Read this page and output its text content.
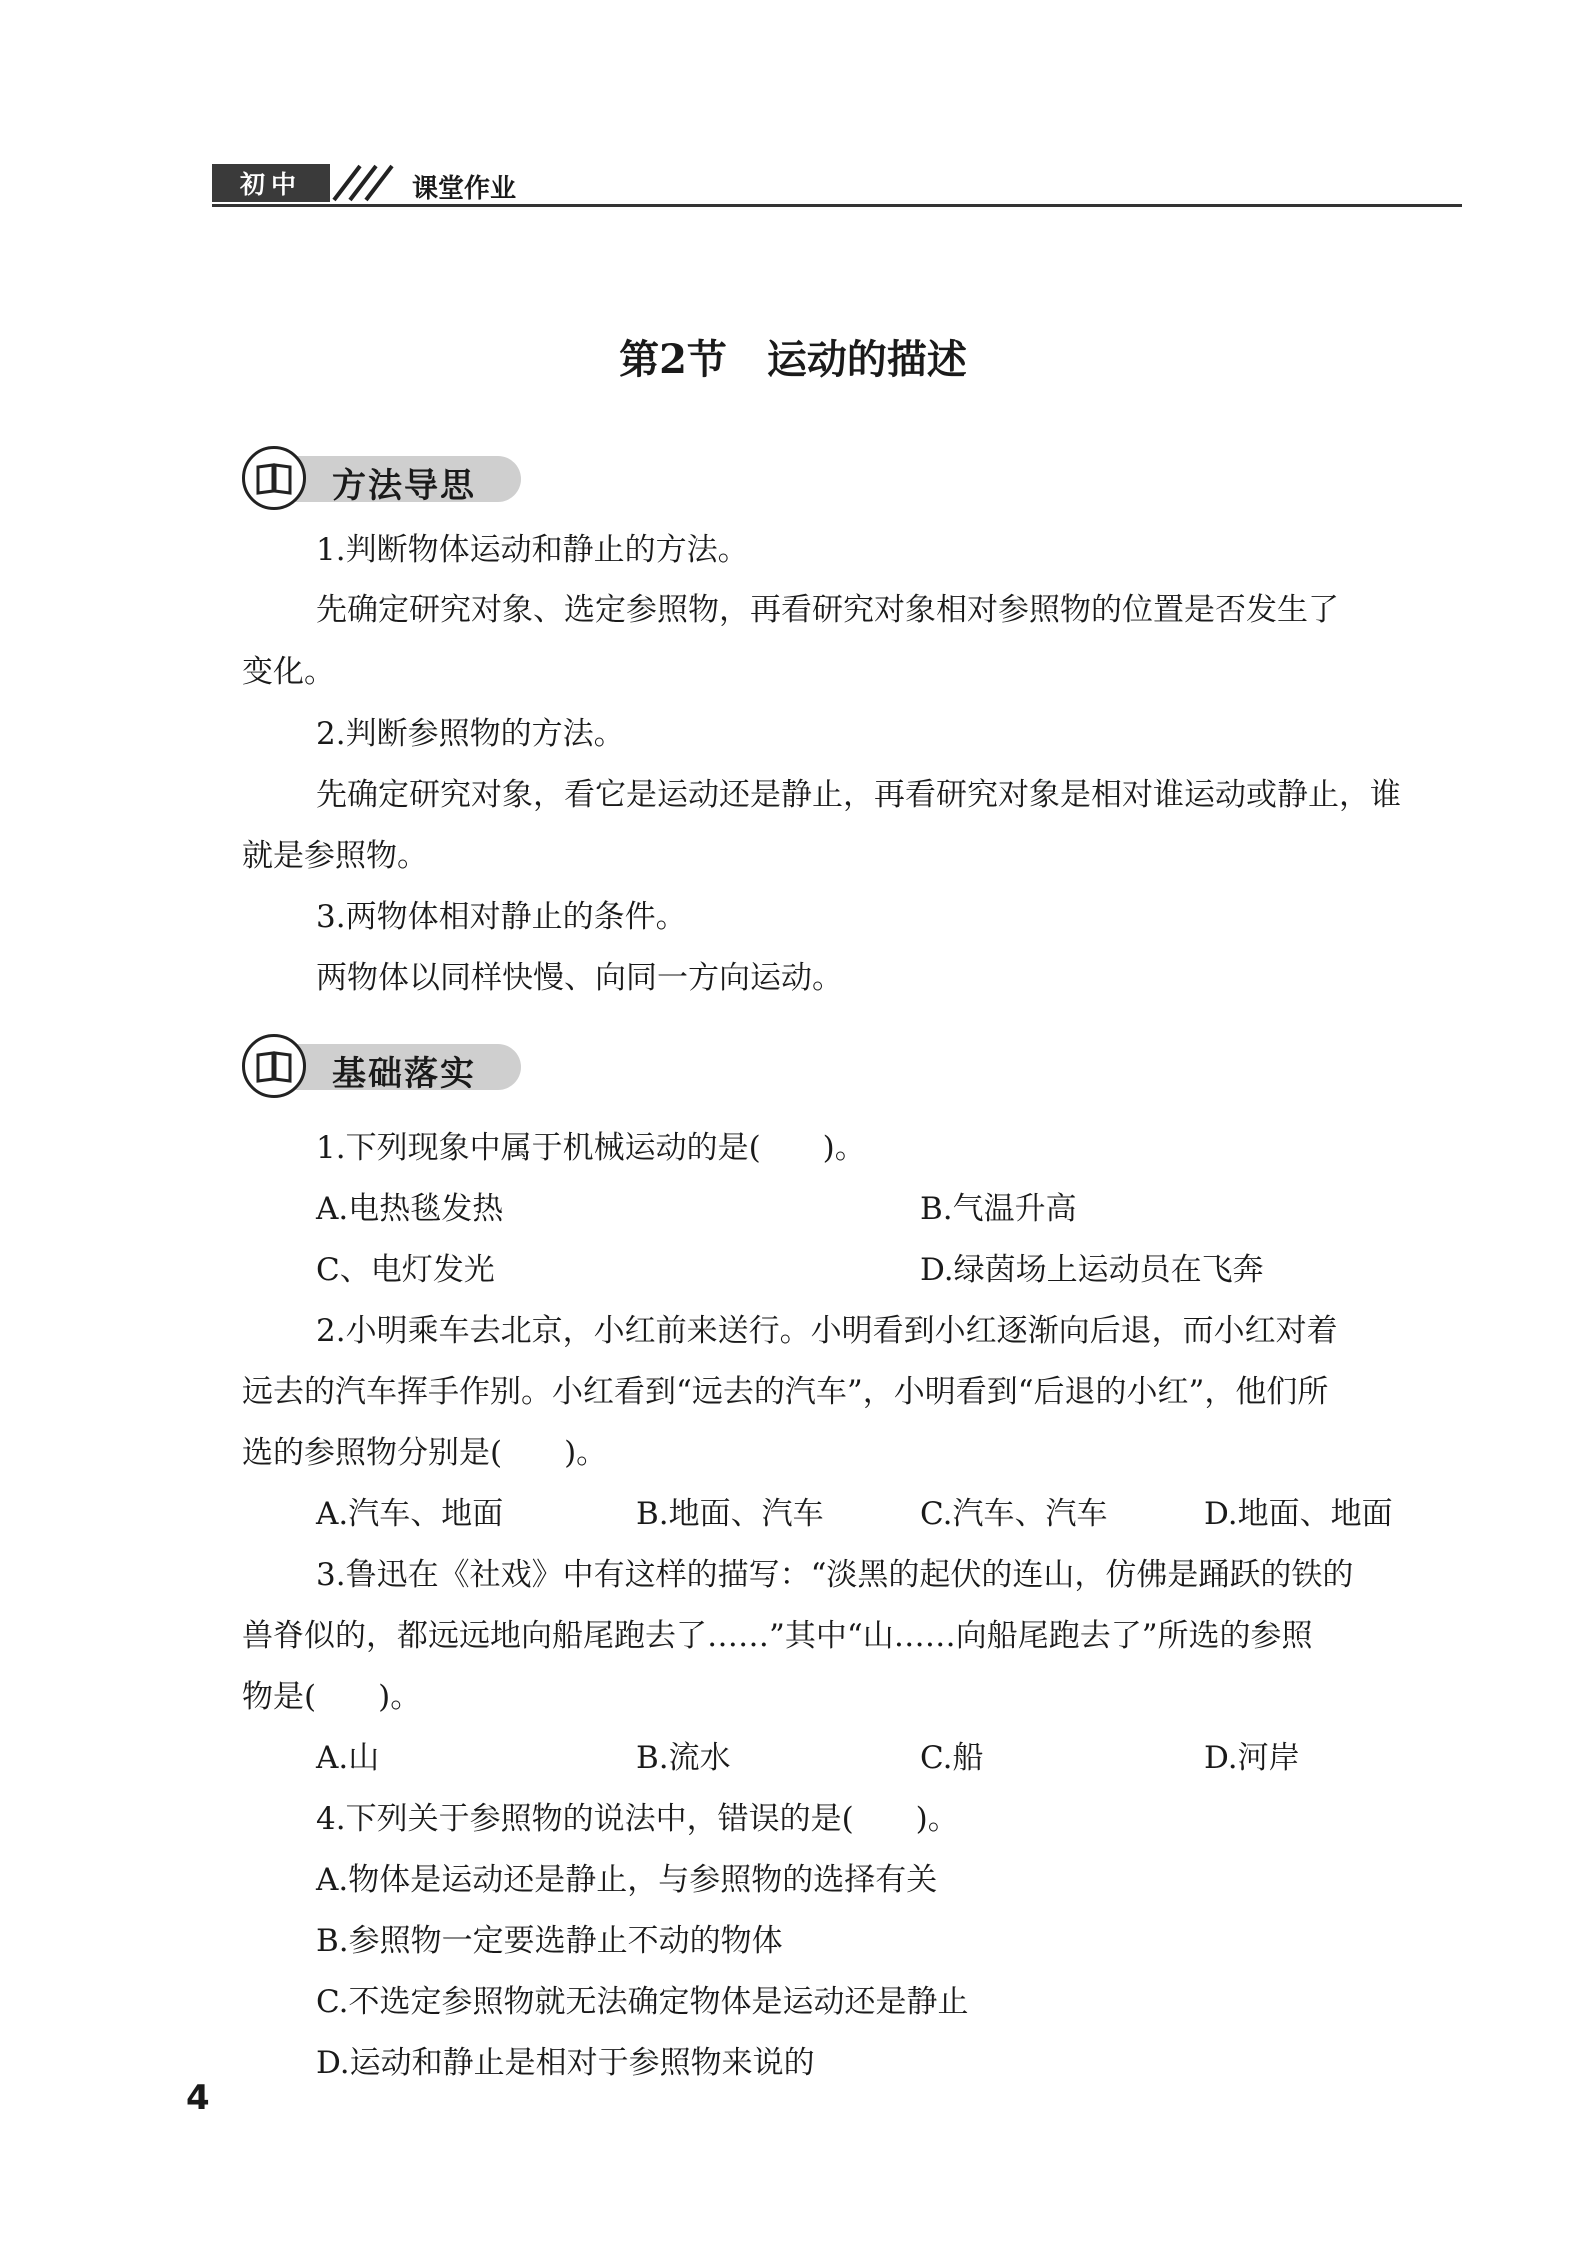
初中	课堂作业
第2节 运动的描述
方法导思
1.判断物体运动和静止的方法。
先确定研究对象、选定参照物，再看研究对象相对参照物的位置是否发生了
变化。
2.判断参照物的方法。
先确定研究对象，看它是运动还是静止，再看研究对象是相对谁运动或静止，谁
就是参照物。
3.两物体相对静止的条件。
两物体以同样快慢、向同一方向运动。
基础落实
1.下列现象中属于机械运动的是(　　)。
A.电热毯发热	B.气温升高
C、电灯发光	D.绿茵场上运动员在飞奔
2.小明乘车去北京，小红前来送行。小明看到小红逐渐向后退，而小红对着
远去的汽车挥手作别。小红看到“远去的汽车”，小明看到“后退的小红”，他们所
选的参照物分别是(　　)。
A.汽车、地面	B.地面、汽车	C.汽车、汽车	D.地面、地面
3.鲁迅在《社戏》中有这样的描写：“淡黑的起伏的连山，仿佛是踊跃的铁的
兽脊似的，都远远地向船尾跑去了……”其中“山……向船尾跑去了”所选的参照
物是(　　)。
A.山	B.流水	C.船	D.河岸
4.下列关于参照物的说法中，错误的是(　　)。
A.物体是运动还是静止，与参照物的选择有关
B.参照物一定要选静止不动的物体
C.不选定参照物就无法确定物体是运动还是静止
D.运动和静止是相对于参照物来说的
4
